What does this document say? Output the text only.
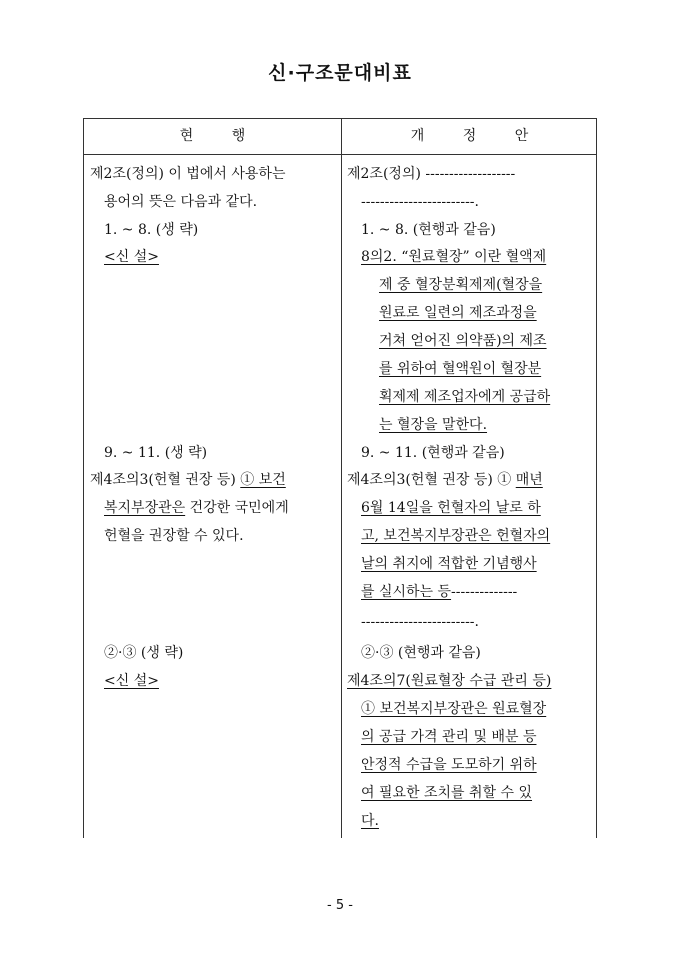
신·구조문대비표
현 행	개 정 안
제2조(정의) 이 법에서 사용하는
용어의 뜻은 다음과 같다.
1. ~ 8. (생 략)
<신 설>
9. ~ 11. (생 략)
제4조의3(헌혈 권장 등) ① 보건
복지부장관은 건강한 국민에게
헌혈을 권장할 수 있다.
②·③ (생 략)
<신 설>
제2조(정의) -------------------
------------------------.
1. ~ 8. (현행과 같음)
8의2. “원료혈장” 이란 혈액제
제 중 혈장분획제제(혈장을
원료로 일련의 제조과정을
거쳐 얻어진 의약품)의 제조
를 위하여 혈액원이 혈장분
획제제 제조업자에게 공급하
는 혈장을 말한다.
9. ~ 11. (현행과 같음)
제4조의3(헌혈 권장 등) ① 매년
6월 14일을 헌혈자의 날로 하
고, 보건복지부장관은 헌혈자의
날의 취지에 적합한 기념행사
를 실시하는 등--------------
------------------------.
②·③ (현행과 같음)
제4조의7(원료혈장 수급 관리 등)
① 보건복지부장관은 원료혈장
의 공급 가격 관리 및 배분 등
안정적 수급을 도모하기 위하
여 필요한 조치를 취할 수 있
다.
- 5 -
